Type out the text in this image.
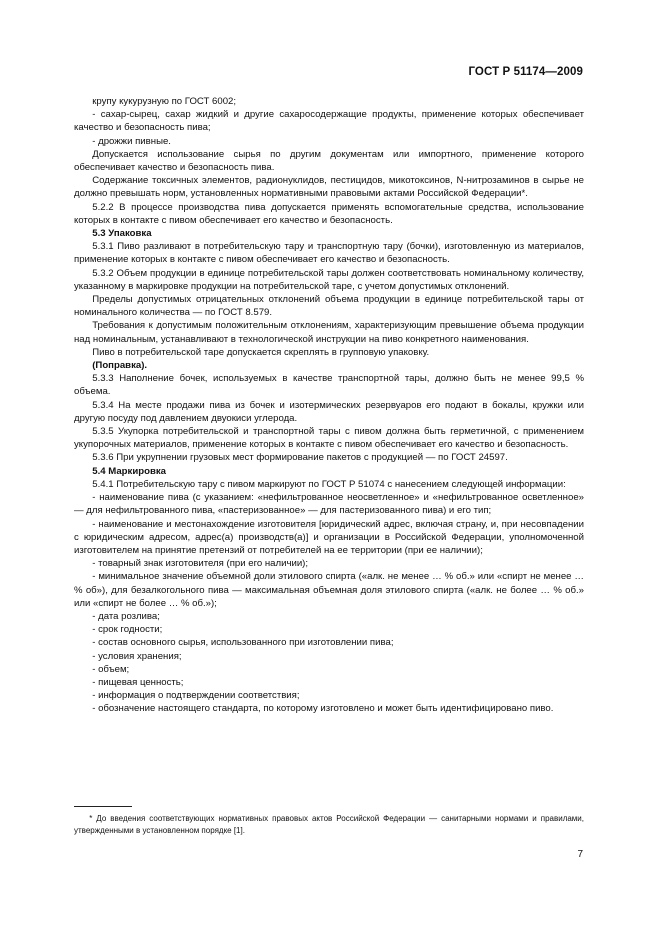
ГОСТ Р 51174—2009

крупу кукурузную по ГОСТ 6002;

- сахар-сырец, сахар жидкий и другие сахаросодержащие продукты, применение которых обеспечивает качество и безопасность пива;

- дрожжи пивные.

Допускается использование сырья по другим документам или импортного, применение которого обеспечивает качество и безопасность пива.

Содержание токсичных элементов, радионуклидов, пестицидов, микотоксинов, N-нитрозаминов в сырье не должно превышать норм, установленных нормативными правовыми актами Российской Федерации*.

5.2.2 В процессе производства пива допускается применять вспомогательные средства, использование которых в контакте с пивом обеспечивает его качество и безопасность.

5.3 Упаковка

5.3.1 Пиво разливают в потребительскую тару и транспортную тару (бочки), изготовленную из материалов, применение которых в контакте с пивом обеспечивает его качество и безопасность.

5.3.2 Объем продукции в единице потребительской тары должен соответствовать номинальному количеству, указанному в маркировке продукции на потребительской таре, с учетом допустимых отклонений.

Пределы допустимых отрицательных отклонений объема продукции в единице потребительской тары от номинального количества — по ГОСТ 8.579.

Требования к допустимым положительным отклонениям, характеризующим превышение объема продукции над номинальным, устанавливают в технологической инструкции на пиво конкретного наименования.

Пиво в потребительской таре допускается скреплять в групповую упаковку.

(Поправка).

5.3.3 Наполнение бочек, используемых в качестве транспортной тары, должно быть не менее 99,5 % объема.

5.3.4 На месте продажи пива из бочек и изотермических резервуаров его подают в бокалы, кружки или другую посуду под давлением двуокиси углерода.

5.3.5 Укупорка потребительской и транспортной тары с пивом должна быть герметичной, с применением укупорочных материалов, применение которых в контакте с пивом обеспечивает его качество и безопасность.

5.3.6 При укрупнении грузовых мест формирование пакетов с продукцией — по ГОСТ 24597.

5.4 Маркировка

5.4.1 Потребительскую тару с пивом маркируют по ГОСТ Р 51074 с нанесением следующей информации:

- наименование пива (с указанием: «нефильтрованное неосветленное» и «нефильтрованное осветленное» — для нефильтрованного пива, «пастеризованное» — для пастеризованного пива) и его тип;

- наименование и местонахождение изготовителя [юридический адрес, включая страну, и, при несовпадении с юридическим адресом, адрес(а) производств(а)] и организации в Российской Федерации, уполномоченной изготовителем на принятие претензий от потребителей на ее территории (при ее наличии);

- товарный знак изготовителя (при его наличии);

- минимальное значение объемной доли этилового спирта («алк. не менее … % об.» или «спирт не менее … % об»), для безалкогольного пива — максимальная объемная доля этилового спирта («алк. не более … % об.» или «спирт не более … % об.»);

- дата розлива;

- срок годности;

- состав основного сырья, использованного при изготовлении пива;

- условия хранения;

- объем;

- пищевая ценность;

- информация о подтверждении соответствия;

- обозначение настоящего стандарта, по которому изготовлено и может быть идентифицировано пиво.

* До введения соответствующих нормативных правовых актов Российской Федерации — санитарными нормами и правилами, утвержденными в установленном порядке [1].
7
